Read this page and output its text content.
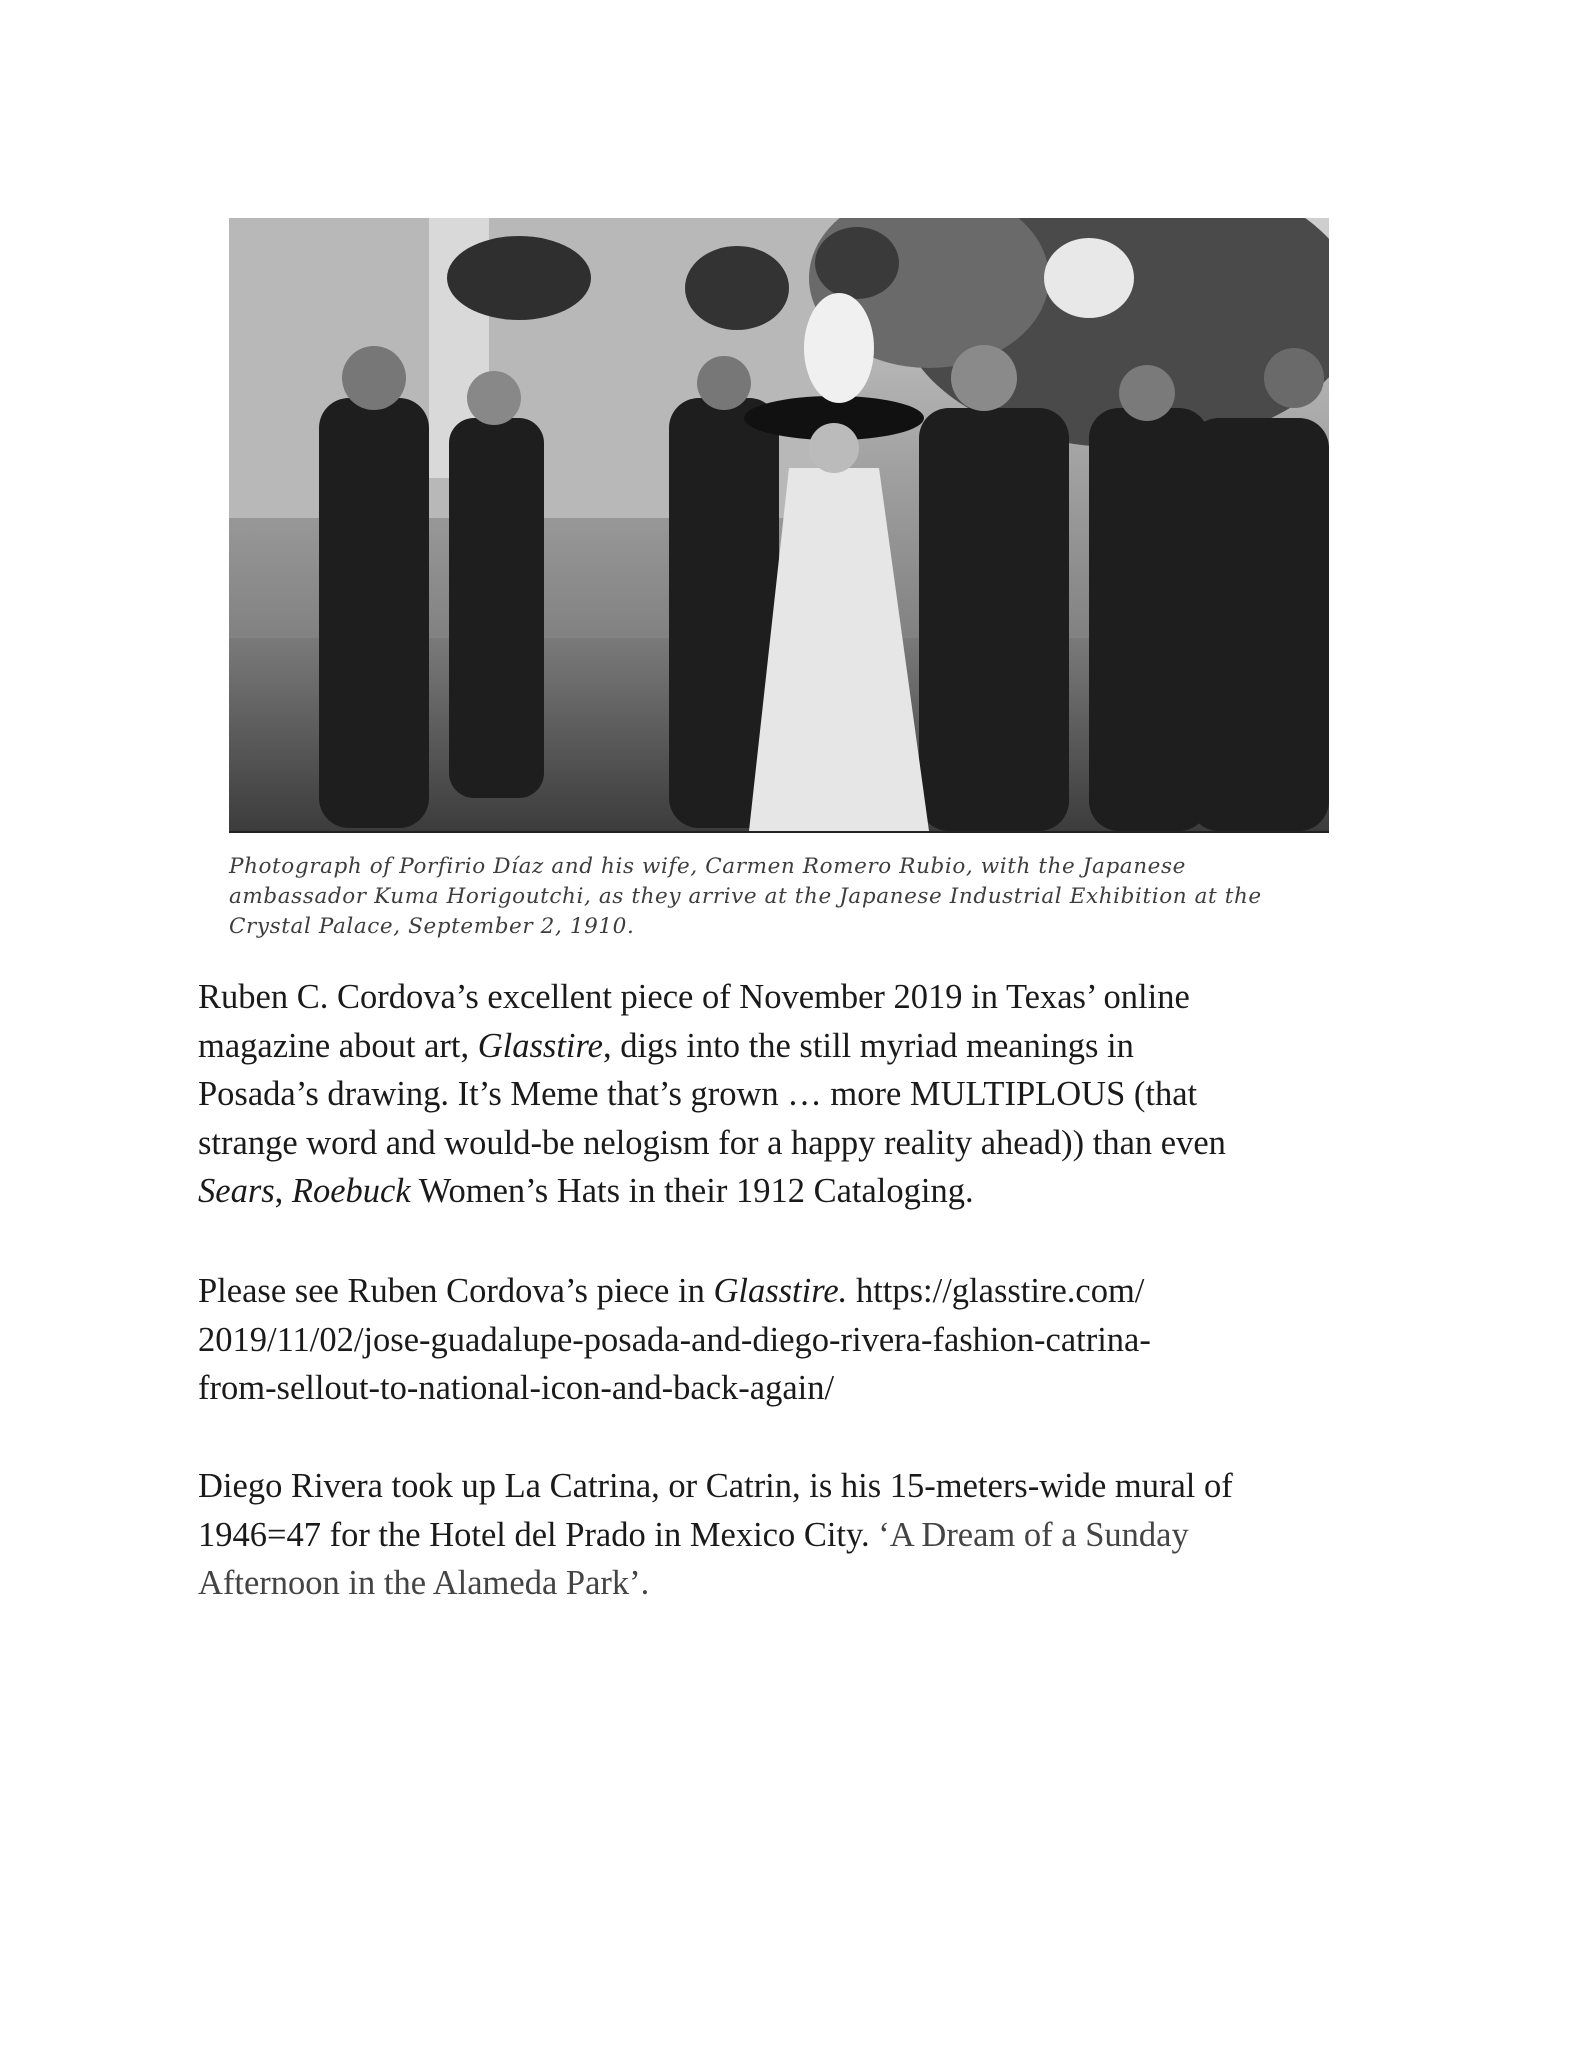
Photograph of Porfirio Díaz and his wife, Carmen Romero Rubio, with the Japanese
ambassador Kuma Horigoutchi, as they arrive at the Japanese Industrial Exhibition at the
Crystal Palace, September 2, 1910.
Ruben C. Cordova’s excellent piece of November 2019 in Texas’ online
magazine about art, Glasstire, digs into the still myriad meanings in
Posada’s drawing. It’s Meme that’s grown … more MULTIPLOUS (that
strange word and would-be nelogism for a happy reality ahead)) than even
Sears, Roebuck Women’s Hats in their 1912 Cataloging.
Please see Ruben Cordova’s piece in Glasstire. https://glasstire.com/
2019/11/02/jose-guadalupe-posada-and-diego-rivera-fashion-catrina-
from-sellout-to-national-icon-and-back-again/
Diego Rivera took up La Catrina, or Catrin, is his 15-meters-wide mural of
1946=47 for the Hotel del Prado in Mexico City. ‘A Dream of a Sunday
Afternoon in the Alameda Park’.
